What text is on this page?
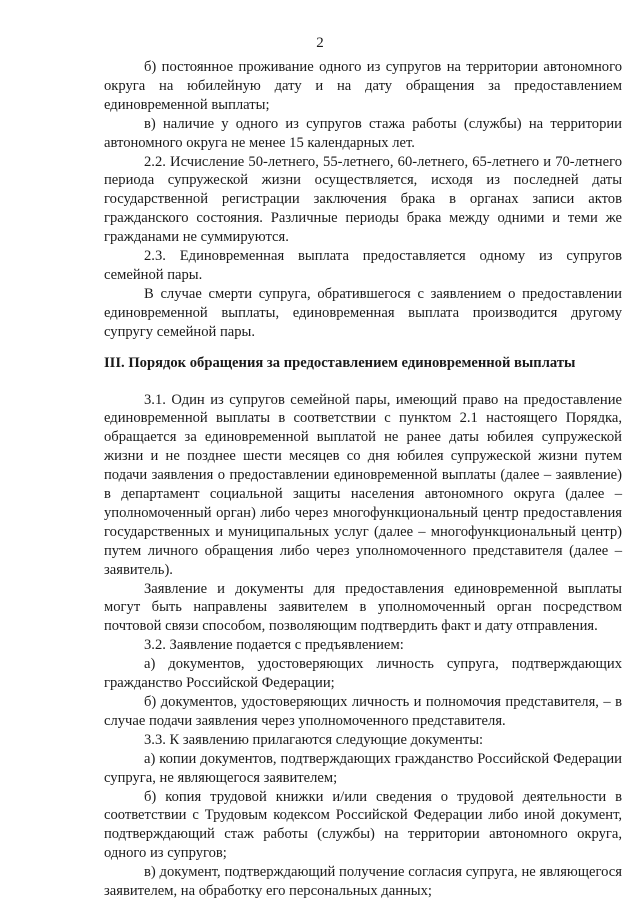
2

б) постоянное проживание одного из супругов на территории автономного округа на юбилейную дату и на дату обращения за предоставлением единовременной выплаты;

в) наличие у одного из супругов стажа работы (службы) на территории автономного округа не менее 15 календарных лет.

2.2. Исчисление 50-летнего, 55-летнего, 60-летнего, 65-летнего и 70-летнего периода супружеской жизни осуществляется, исходя из последней даты государственной регистрации заключения брака в органах записи актов гражданского состояния. Различные периоды брака между одними и теми же гражданами не суммируются.

2.3. Единовременная выплата предоставляется одному из супругов семейной пары.

В случае смерти супруга, обратившегося с заявлением о предоставлении единовременной выплаты, единовременная выплата производится другому супругу семейной пары.

III. Порядок обращения за предоставлением единовременной выплаты

3.1. Один из супругов семейной пары, имеющий право на предоставление единовременной выплаты в соответствии с пунктом 2.1 настоящего Порядка, обращается за единовременной выплатой не ранее даты юбилея супружеской жизни и не позднее шести месяцев со дня юбилея супружеской жизни путем подачи заявления о предоставлении единовременной выплаты (далее – заявление) в департамент социальной защиты населения автономного округа (далее – уполномоченный орган) либо через многофункциональный центр предоставления государственных и муниципальных услуг (далее – многофункциональный центр) путем личного обращения либо через уполномоченного представителя (далее – заявитель).

Заявление и документы для предоставления единовременной выплаты могут быть направлены заявителем в уполномоченный орган посредством почтовой связи способом, позволяющим подтвердить факт и дату отправления.

3.2. Заявление подается с предъявлением:

а) документов, удостоверяющих личность супруга, подтверждающих гражданство Российской Федерации;

б) документов, удостоверяющих личность и полномочия представителя, – в случае подачи заявления через уполномоченного представителя.

3.3. К заявлению прилагаются следующие документы:

а) копии документов, подтверждающих гражданство Российской Федерации супруга, не являющегося заявителем;

б) копия трудовой книжки и/или сведения о трудовой деятельности в соответствии с Трудовым кодексом Российской Федерации либо иной документ, подтверждающий стаж работы (службы) на территории автономного округа, одного из супругов;

в) документ, подтверждающий получение согласия супруга, не являющегося заявителем, на обработку его персональных данных;
